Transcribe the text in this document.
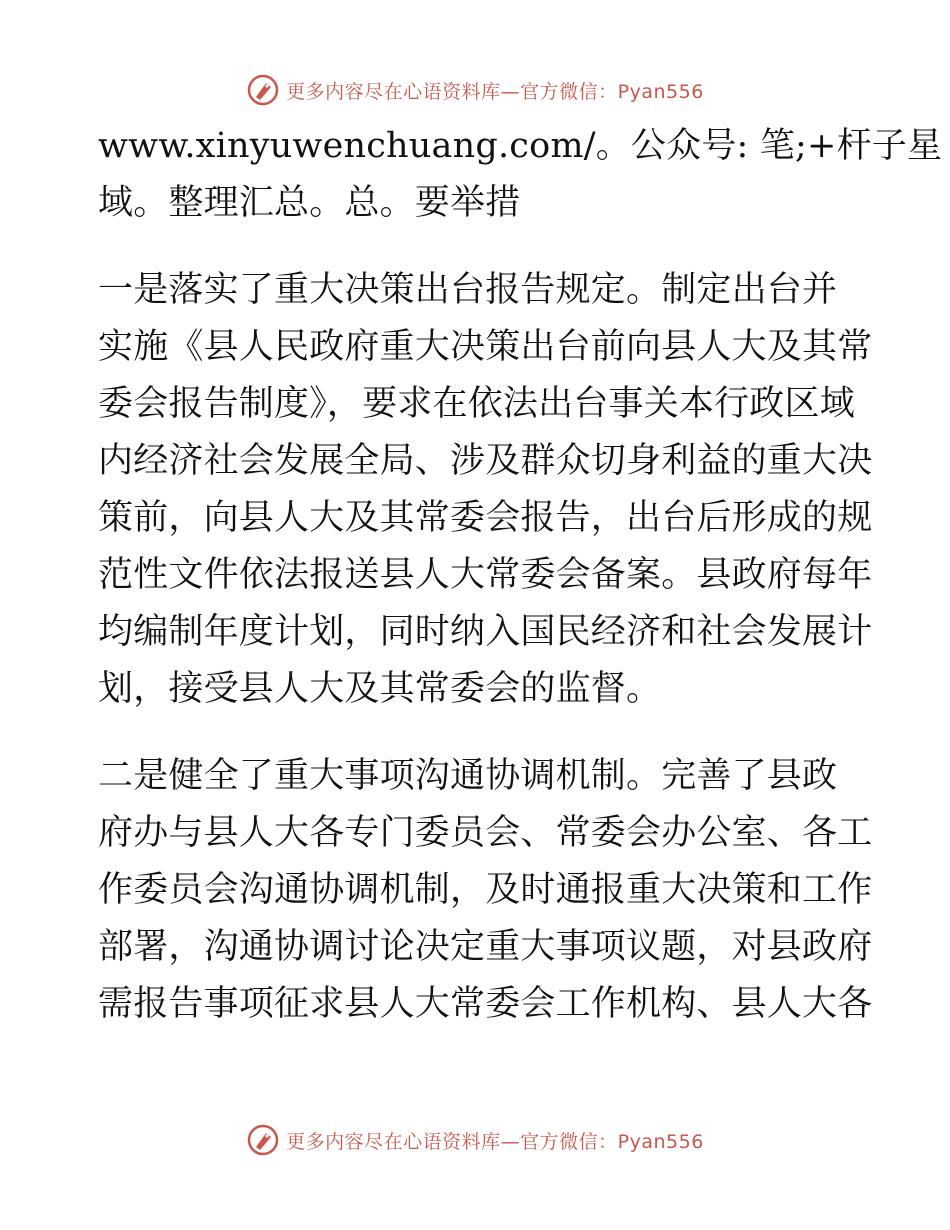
更多内容尽在心语资料库—官方微信：Pyan556
www.xinyuwenchuang.com/。公众号: 笔;+杆子星
域。整理汇总。总。要举措
一是落实了重大决策出台报告规定。制定出台并
实施《县人民政府重大决策出台前向县人大及其常
委会报告制度》，要求在依法出台事关本行政区域
内经济社会发展全局、涉及群众切身利益的重大决
策前，向县人大及其常委会报告，出台后形成的规
范性文件依法报送县人大常委会备案。县政府每年
均编制年度计划，同时纳入国民经济和社会发展计
划，接受县人大及其常委会的监督。
二是健全了重大事项沟通协调机制。完善了县政
府办与县人大各专门委员会、常委会办公室、各工
作委员会沟通协调机制，及时通报重大决策和工作
部署，沟通协调讨论决定重大事项议题，对县政府
需报告事项征求县人大常委会工作机构、县人大各
更多内容尽在心语资料库—官方微信：Pyan556
